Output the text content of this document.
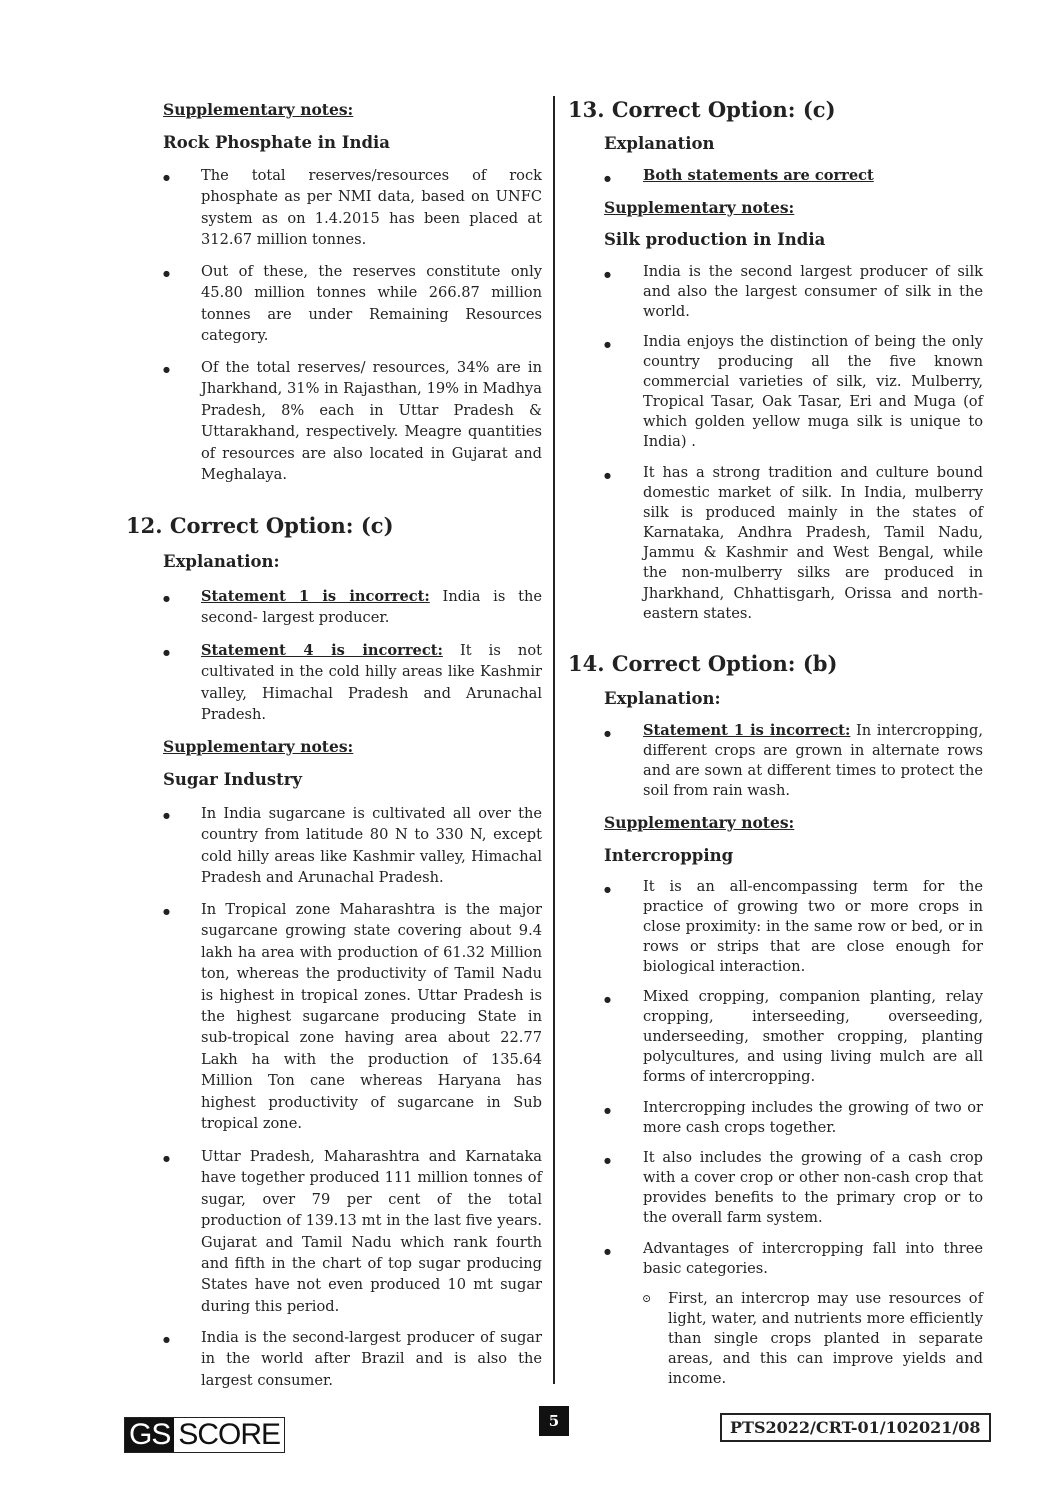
GS SCORE	5	PTS2022/CRT-01/102021/08
Supplementary notes:
Rock Phosphate in India
● The total reserves/resources of rock phosphate as per NMI data, based on UNFC system as on 1.4.2015 has been placed at 312.67 million tonnes.
● Out of these, the reserves constitute only 45.80 million tonnes while 266.87 million tonnes are under Remaining Resources category.
● Of the total reserves/ resources, 34% are in Jharkhand, 31% in Rajasthan, 19% in Madhya Pradesh, 8% each in Uttar Pradesh & Uttarakhand, respectively. Meagre quantities of resources are also located in Gujarat and Meghalaya.
12. Correct Option: (c)
Explanation:
● Statement 1 is incorrect: India is the second- largest producer.
● Statement 4 is incorrect: It is not cultivated in the cold hilly areas like Kashmir valley, Himachal Pradesh and Arunachal Pradesh.
Supplementary notes:
Sugar Industry
● In India sugarcane is cultivated all over the country from latitude 80 N to 330 N, except cold hilly areas like Kashmir valley, Himachal Pradesh and Arunachal Pradesh.
● In Tropical zone Maharashtra is the major sugarcane growing state covering about 9.4 lakh ha area with production of 61.32 Million ton, whereas the productivity of Tamil Nadu is highest in tropical zones. Uttar Pradesh is the highest sugarcane producing State in sub-tropical zone having area about 22.77 Lakh ha with the production of 135.64 Million Ton cane whereas Haryana has highest productivity of sugarcane in Sub tropical zone.
● Uttar Pradesh, Maharashtra and Karnataka have together produced 111 million tonnes of sugar, over 79 per cent of the total production of 139.13 mt in the last five years. Gujarat and Tamil Nadu which rank fourth and fifth in the chart of top sugar producing States have not even produced 10 mt sugar during this period.
● India is the second-largest producer of sugar in the world after Brazil and is also the largest consumer.
13. Correct Option: (c)
Explanation
● Both statements are correct
Supplementary notes:
Silk production in India
● India is the second largest producer of silk and also the largest consumer of silk in the world.
● India enjoys the distinction of being the only country producing all the five known commercial varieties of silk, viz. Mulberry, Tropical Tasar, Oak Tasar, Eri and Muga (of which golden yellow muga silk is unique to India) .
● It has a strong tradition and culture bound domestic market of silk. In India, mulberry silk is produced mainly in the states of Karnataka, Andhra Pradesh, Tamil Nadu, Jammu & Kashmir and West Bengal, while the non-mulberry silks are produced in Jharkhand, Chhattisgarh, Orissa and north-eastern states.
14. Correct Option: (b)
Explanation:
● Statement 1 is incorrect: In intercropping, different crops are grown in alternate rows and are sown at different times to protect the soil from rain wash.
Supplementary notes:
Intercropping
● It is an all-encompassing term for the practice of growing two or more crops in close proximity: in the same row or bed, or in rows or strips that are close enough for biological interaction.
● Mixed cropping, companion planting, relay cropping, interseeding, overseeding, underseeding, smother cropping, planting polycultures, and using living mulch are all forms of intercropping.
● Intercropping includes the growing of two or more cash crops together.
● It also includes the growing of a cash crop with a cover crop or other non-cash crop that provides benefits to the primary crop or to the overall farm system.
● Advantages of intercropping fall into three basic categories.
⊙ First, an intercrop may use resources of light, water, and nutrients more efficiently than single crops planted in separate areas, and this can improve yields and income.
